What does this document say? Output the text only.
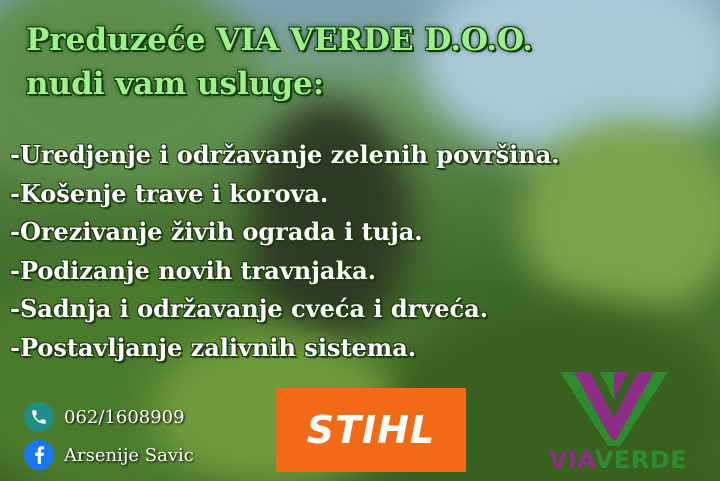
Preduzeće VIA VERDE D.O.O.
nudi vam usluge:
-Uredjenje i održavanje zelenih površina.
-Košenje trave i korova.
-Orezivanje živih ograda i tuja.
-Podizanje novih travnjaka.
-Sadnja i održavanje cveća i drveća.
-Postavljanje zalivnih sistema.
062/1608909
Arsenije Savic
STIHL
VIAVERDE
